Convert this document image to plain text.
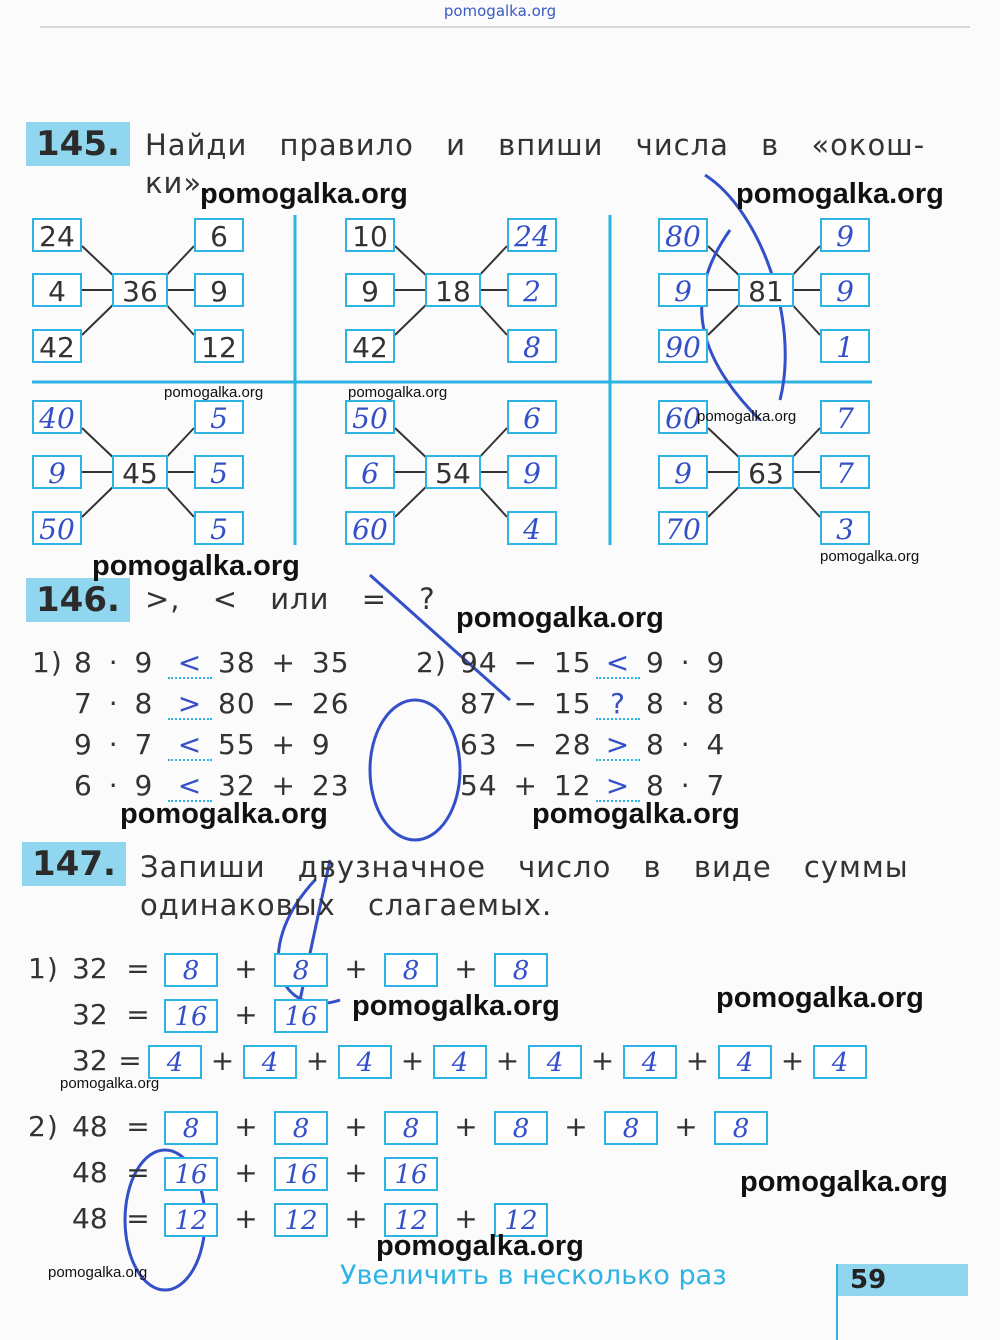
pomogalka.org
145. Найди правило и впиши числа в «окош-
ки».
24
4
42
36
6
9
12
10
9
42
18
24
2
8
80
9
90
81
9
9
1
40
9
50
45
5
5
5
50
6
60
54
6
9
4
60
9
70
63
7
7
3
146. >, < или = ?
1)	2)
8 · 9 < 38 + 35
7 · 8 > 80 − 26
9 · 7 < 55 + 9
6 · 9 < 32 + 23
94 − 15 < 9 · 9
87 − 15 ? 8 · 8
63 − 28 > 8 · 4
54 + 12 > 8 · 7
147. Запиши двузначное число в виде суммы
одинаковых слагаемых.
1)
2)
32 = 8 + 8 + 8 + 8
32 = 16 + 16
32 = 4 + 4 + 4 + 4 + 4 + 4 + 4 + 4
48 = 8 + 8 + 8 + 8 + 8 + 8
48 = 16 + 16 + 16
48 = 12 + 12 + 12 + 12
Увеличить в несколько раз	59
pomogalka.org	pomogalka.org
pomogalka.org	pomogalka.org
pomogalka.org
pomogalka.org
pomogalka.org
pomogalka.org
pomogalka.org	pomogalka.org
pomogalka.org	pomogalka.org
pomogalka.org
pomogalka.org
pomogalka.org
pomogalka.org
